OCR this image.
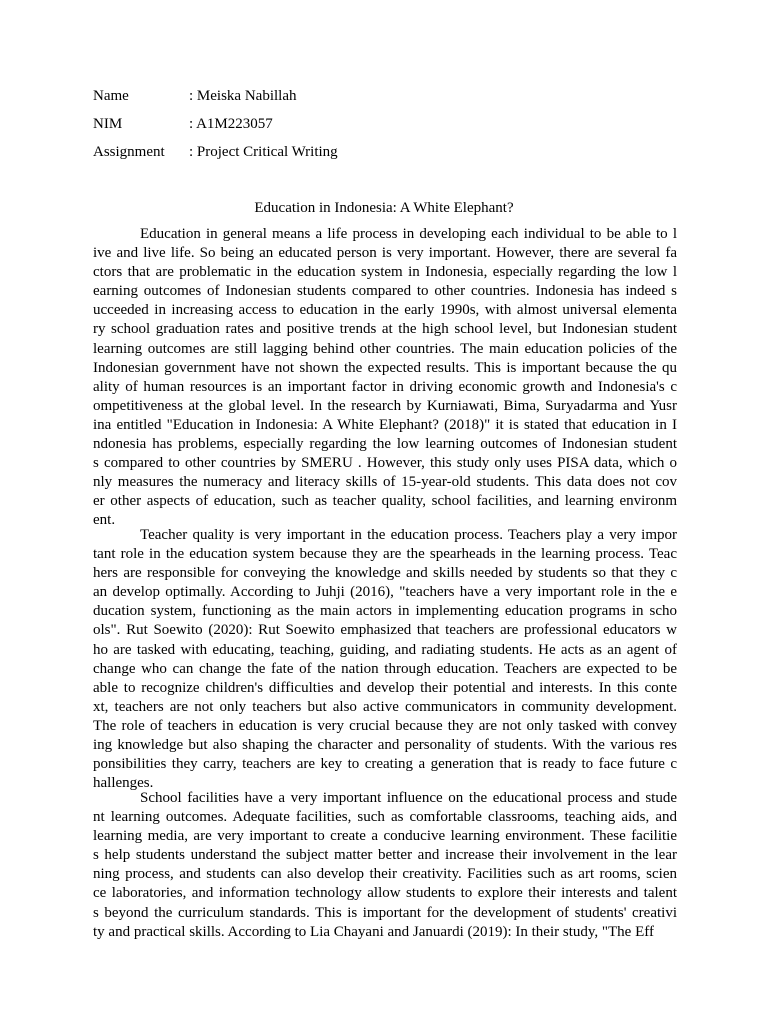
Name	: Meiska Nabillah
NIM	: A1M223057
Assignment : Project Critical Writing
Education in Indonesia: A White Elephant?
Education in general means a life process in developing each individual to be able to l
ive and live life. So being an educated person is very important. However, there are several fa
ctors that are problematic in the education system in Indonesia, especially regarding the low l
earning outcomes of Indonesian students compared to other countries. Indonesia has indeed s
ucceeded in increasing access to education in the early 1990s, with almost universal elementa
ry school graduation rates and positive trends at the high school level, but Indonesian student
learning outcomes are still lagging behind other countries. The main education policies of the
Indonesian government have not shown the expected results. This is important because the qu
ality of human resources is an important factor in driving economic growth and Indonesia's c
ompetitiveness at the global level. In the research by Kurniawati, Bima, Suryadarma and Yusr
ina entitled "Education in Indonesia: A White Elephant? (2018)" it is stated that education in I
ndonesia has problems, especially regarding the low learning outcomes of Indonesian student
s compared to other countries by SMERU . However, this study only uses PISA data, which o
nly measures the numeracy and literacy skills of 15-year-old students. This data does not cov
er other aspects of education, such as teacher quality, school facilities, and learning environm
ent.
Teacher quality is very important in the education process. Teachers play a very impor
tant role in the education system because they are the spearheads in the learning process. Teac
hers are responsible for conveying the knowledge and skills needed by students so that they c
an develop optimally. According to Juhji (2016), "teachers have a very important role in the e
ducation system, functioning as the main actors in implementing education programs in scho
ols". Rut Soewito (2020): Rut Soewito emphasized that teachers are professional educators w
ho are tasked with educating, teaching, guiding, and radiating students. He acts as an agent of
change who can change the fate of the nation through education. Teachers are expected to be
able to recognize children's difficulties and develop their potential and interests. In this conte
xt, teachers are not only teachers but also active communicators in community development.
The role of teachers in education is very crucial because they are not only tasked with convey
ing knowledge but also shaping the character and personality of students. With the various res
ponsibilities they carry, teachers are key to creating a generation that is ready to face future c
hallenges.
School facilities have a very important influence on the educational process and stude
nt learning outcomes. Adequate facilities, such as comfortable classrooms, teaching aids, and
learning media, are very important to create a conducive learning environment. These facilitie
s help students understand the subject matter better and increase their involvement in the lear
ning process, and students can also develop their creativity. Facilities such as art rooms, scien
ce laboratories, and information technology allow students to explore their interests and talent
s beyond the curriculum standards. This is important for the development of students' creativi
ty and practical skills. According to Lia Chayani and Januardi (2019): In their study, "The Eff
